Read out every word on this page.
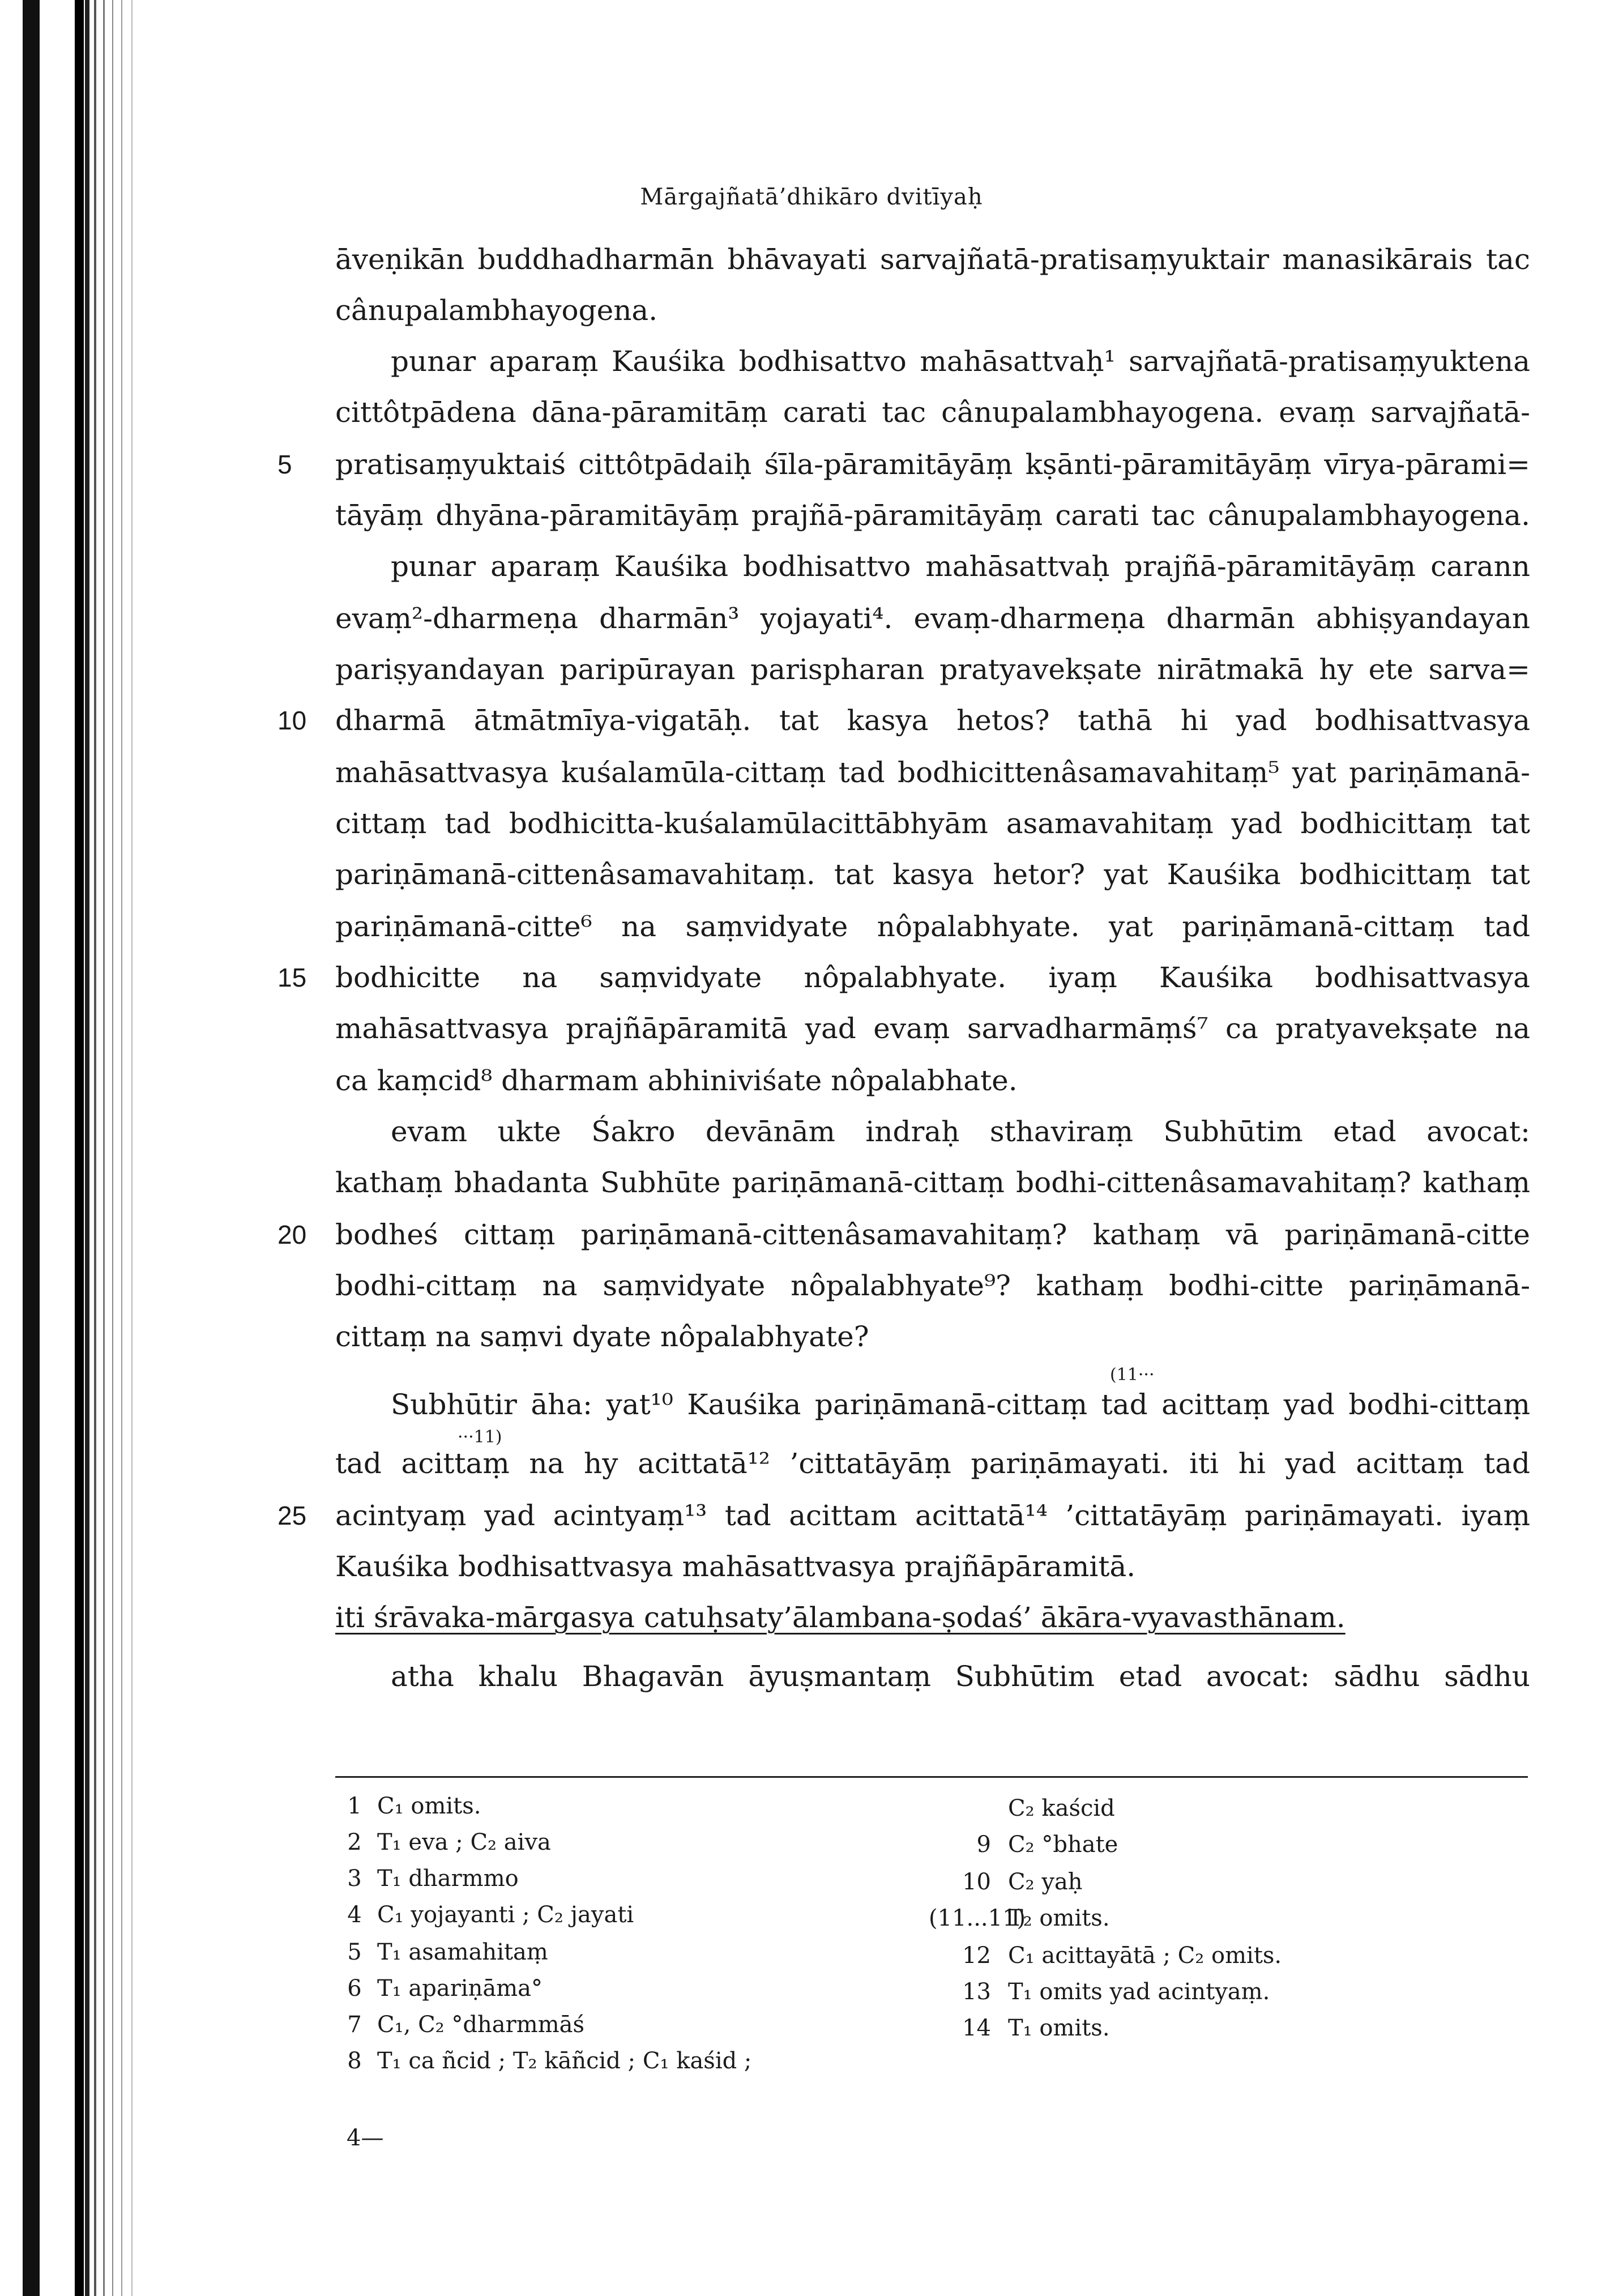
Mārgajñatā’dhikāro dvitīyaḥ
āveṇikān buddhadharmān bhāvayati sarvajñatā-pratisaṃyuktair manasikārais tac
cânupalambhayogena.
punar aparaṃ Kauśika bodhisattvo mahāsattvaḥ¹ sarvajñatā-pratisaṃyuktena
cittôtpādena dāna-pāramitāṃ carati tac cânupalambhayogena. evaṃ sarvajñatā-
5 pratisaṃyuktaiś cittôtpādaiḥ śīla-pāramitāyāṃ kṣānti-pāramitāyāṃ vīrya-pārami=
tāyāṃ dhyāna-pāramitāyāṃ prajñā-pāramitāyāṃ carati tac cânupalambhayogena.
punar aparaṃ Kauśika bodhisattvo mahāsattvaḥ prajñā-pāramitāyāṃ carann
evaṃ²-dharmeṇa dharmān³ yojayati⁴. evaṃ-dharmeṇa dharmān abhiṣyandayan
pariṣyandayan paripūrayan parispharan pratyavekṣate nirātmakā hy ete sarva=
10 dharmā ātmātmīya-vigatāḥ. tat kasya hetos? tathā hi yad bodhisattvasya
mahāsattvasya kuśalamūla-cittaṃ tad bodhicittenâsamavahitaṃ⁵ yat pariṇāmanā-
cittaṃ tad bodhicitta-kuśalamūlacittābhyām asamavahitaṃ yad bodhicittaṃ tat
pariṇāmanā-cittenâsamavahitaṃ. tat kasya hetor? yat Kauśika bodhicittaṃ tat
pariṇāmanā-citte⁶ na saṃvidyate nôpalabhyate. yat pariṇāmanā-cittaṃ tad
15 bodhicitte na saṃvidyate nôpalabhyate. iyaṃ Kauśika bodhisattvasya
mahāsattvasya prajñāpāramitā yad evaṃ sarvadharmāṃś⁷ ca pratyavekṣate na
ca kaṃcid⁸ dharmam abhiniviśate nôpalabhate.
evam ukte Śakro devānām indraḥ sthaviraṃ Subhūtim etad avocat:
kathaṃ bhadanta Subhūte pariṇāmanā-cittaṃ bodhi-cittenâsamavahitaṃ? kathaṃ
20 bodheś cittaṃ pariṇāmanā-cittenâsamavahitaṃ? kathaṃ vā pariṇāmanā-citte
bodhi-cittaṃ na saṃvidyate nôpalabhyate⁹? kathaṃ bodhi-citte pariṇāmanā-
cittaṃ na saṃvi dyate nôpalabhyate?
(11···
Subhūtir āha: yat¹⁰ Kauśika pariṇāmanā-cittaṃ tad acittaṃ yad bodhi-cittaṃ
···11)
tad acittaṃ na hy acittatā¹² ’cittatāyāṃ pariṇāmayati. iti hi yad acittaṃ tad
25 acintyaṃ yad acintyaṃ¹³ tad acittam acittatā¹⁴ ’cittatāyāṃ pariṇāmayati. iyaṃ
Kauśika bodhisattvasya mahāsattvasya prajñāpāramitā.
iti śrāvaka-mārgasya catuḥsaty’ālambana-ṣodaś’ ākāra-vyavasthānam.
atha khalu Bhagavān āyuṣmantaṃ Subhūtim etad avocat: sādhu sādhu
1 C₁ omits.
2 T₁ eva ; C₂ aiva
3 T₁ dharmmo
4 C₁ yojayanti ; C₂ jayati
5 T₁ asamahitaṃ
6 T₁ apariṇāma°
7 C₁, C₂ °dharmmāś
8 T₁ ca ñcid ; T₂ kāñcid ; C₁ kaśid ;
C₂ kaścid
9 C₂ °bhate
10 C₂ yaḥ
(11...11)T₂ omits.
12 C₁ acittayātā ; C₂ omits.
13 T₁ omits yad acintyaṃ.
14 T₁ omits.
4—
